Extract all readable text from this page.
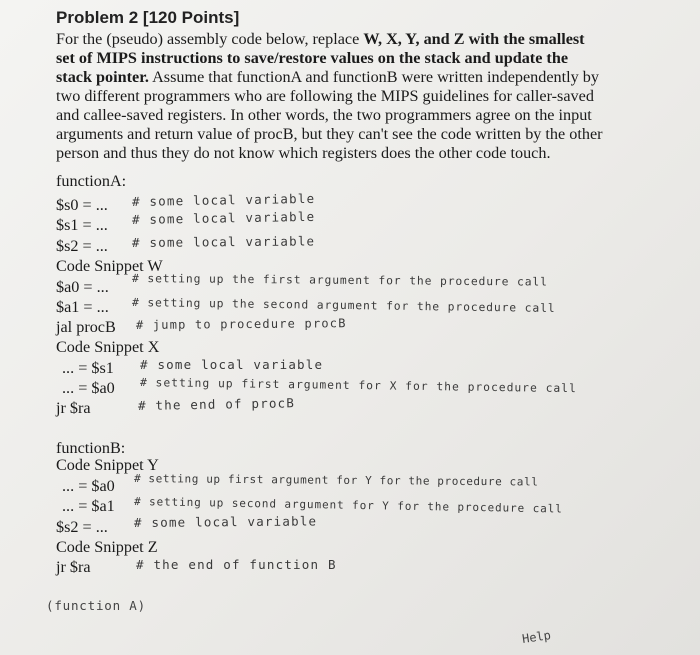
Problem 2 [120 Points]
For the (pseudo) assembly code below, replace W, X, Y, and Z with the smallest
set of MIPS instructions to save/restore values on the stack and update the
stack pointer. Assume that functionA and functionB were written independently by
two different programmers who are following the MIPS guidelines for caller-saved
and callee-saved registers. In other words, the two programmers agree on the input
arguments and return value of procB, but they can't see the code written by the other
person and thus they do not know which registers does the other code touch.
functionA:
$s0 = ... # some local variable
$s1 = ... # some local variable
$s2 = ... # some local variable
Code Snippet W
$a0 = ... # setting up the first argument for the procedure call
$a1 = ... # setting up the second argument for the procedure call
jal procB # jump to procedure procB
Code Snippet X
... = $s1 # some local variable
... = $a0 # setting up first argument for X for the procedure call
jr $ra	# the end of procB
functionB:
Code Snippet Y
... = $a0 # setting up first argument for Y for the procedure call
... = $a1 # setting up second argument for Y for the procedure call
$s2 = ... # some local variable
Code Snippet Z
jr $ra	# the end of function B
(function A)
Help
